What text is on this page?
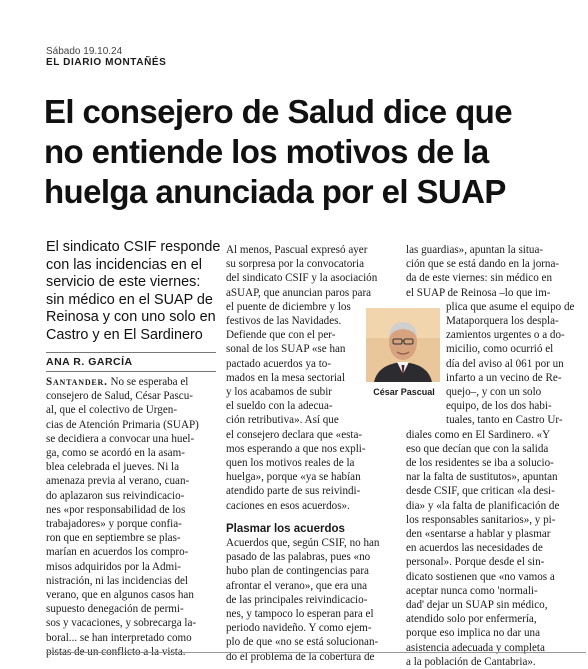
Sábado 19.10.24
EL DIARIO MONTAÑÉS
El consejero de Salud dice que
no entiende los motivos de la
huelga anunciada por el SUAP
El sindicato CSIF responde
con las incidencias en el
servicio de este viernes:
sin médico en el SUAP de
Reinosa y con uno solo en
Castro y en El Sardinero
ANA R. GARCÍA
Santander. No se esperaba el
consejero de Salud, César Pascu-
al, que el colectivo de Urgen-
cias de Atención Primaria (SUAP)
se decidiera a convocar una huel-
ga, como se acordó en la asam-
blea celebrada el jueves. Ni la
amenaza previa al verano, cuan-
do aplazaron sus reivindicacio-
nes «por responsabilidad de los
trabajadores» y porque confia-
ron que en septiembre se plas-
marían en acuerdos los compro-
misos adquiridos por la Admi-
nistración, ni las incidencias del
verano, que en algunos casos han
supuesto denegación de permi-
sos y vacaciones, y sobrecarga la-
boral... se han interpretado como
pistas de un conflicto a la vista.
Al menos, Pascual expresó ayer
su sorpresa por la convocatoria
del sindicato CSIF y la asociación
aSUAP, que anuncian paros para
el puente de diciembre y los
festivos de las Navidades.
Defiende que con el per-
sonal de los SUAP «se han
pactado acuerdos ya to-
mados en la mesa sectorial
y los acabamos de subir
el sueldo con la adecua-
ción retributiva». Así que
el consejero declara que «esta-
mos esperando a que nos expli-
quen los motivos reales de la
huelga», porque «ya se habían
atendido parte de sus reivindi-
caciones en esos acuerdos».
Plasmar los acuerdos
Acuerdos que, según CSIF, no han
pasado de las palabras, pues «no
hubo plan de contingencias para
afrontar el verano», que era una
de las principales reivindicacio-
nes, y tampoco lo esperan para el
periodo navideño. Y como ejem-
plo de que «no se está solucionan-
do el problema de la cobertura de
las guardias», apuntan la situa-
ción que se está dando en la jorna-
da de este viernes: sin médico en
el SUAP de Reinosa –lo que im-
plica que asume el equipo de
Mataporquera los despla-
zamientos urgentes o a do-
micilio, como ocurrió el
día del aviso al 061 por un
infarto a un vecino de Re-
quejo–, y con un solo
equipo, de los dos habi-
tuales, tanto en Castro Ur-
diales como en El Sardinero. «Y
eso que decían que con la salida
de los residentes se iba a solucio-
nar la falta de sustitutos», apuntan
desde CSIF, que critican «la desi-
dia» y «la falta de planificación de
los responsables sanitarios», y pi-
den «sentarse a hablar y plasmar
en acuerdos las necesidades de
personal». Porque desde el sin-
dicato sostienen que «no vamos a
aceptar nunca como 'normali-
dad' dejar un SUAP sin médico,
atendido solo por enfermería,
porque eso implica no dar una
asistencia adecuada y completa
a la población de Cantabria».
César Pascual
